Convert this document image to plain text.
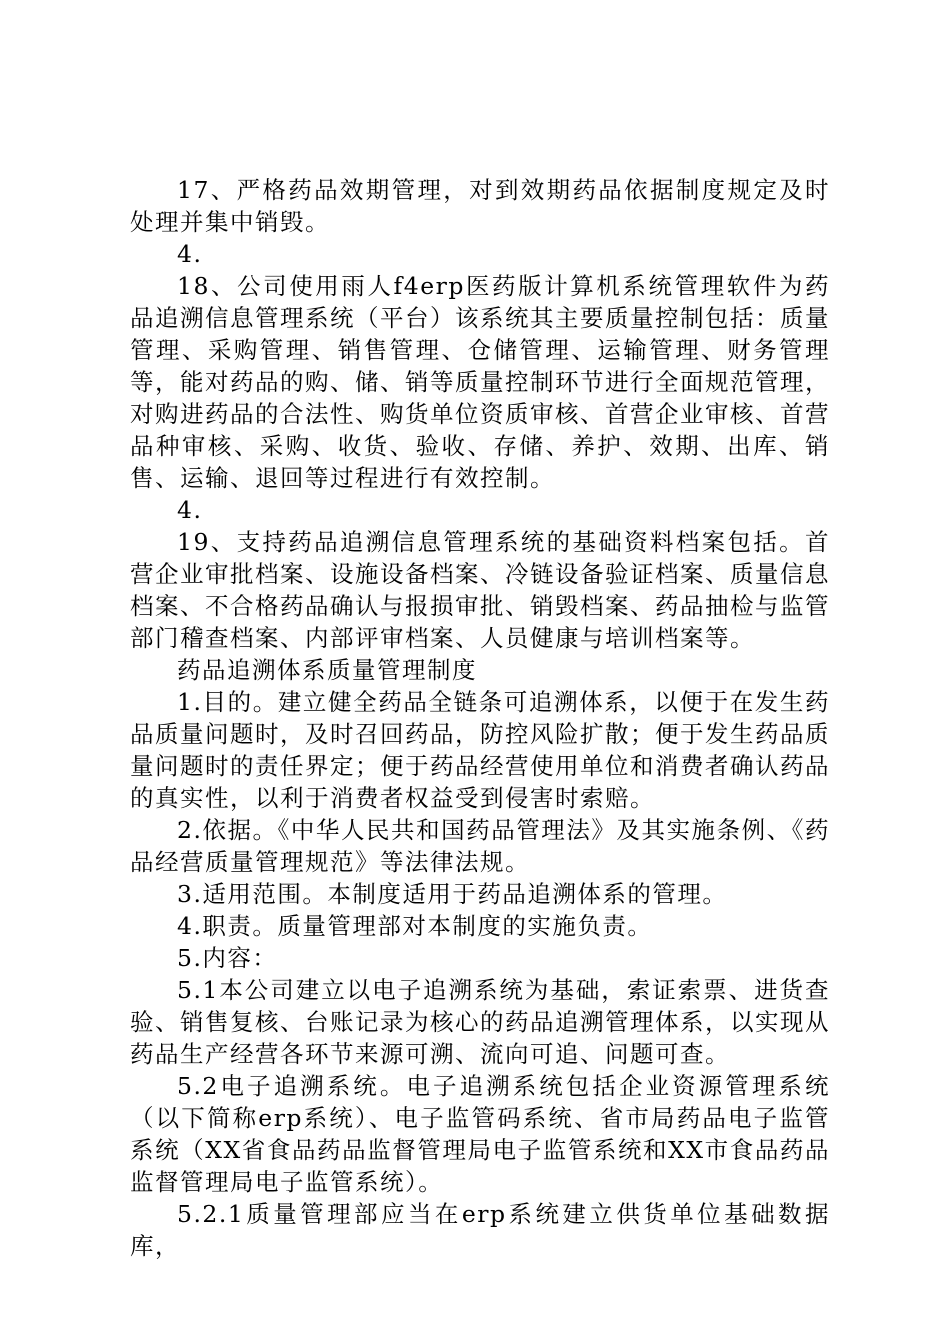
17、严格药品效期管理，对到效期药品依据制度规定及时处理并集中销毁。

4.

18、公司使用雨人f4erp医药版计算机系统管理软件为药品追溯信息管理系统（平台）该系统其主要质量控制包括：质量管理、采购管理、销售管理、仓储管理、运输管理、财务管理等，能对药品的购、储、销等质量控制环节进行全面规范管理，对购进药品的合法性、购货单位资质审核、首营企业审核、首营品种审核、采购、收货、验收、存储、养护、效期、出库、销售、运输、退回等过程进行有效控制。

4.

19、支持药品追溯信息管理系统的基础资料档案包括。首营企业审批档案、设施设备档案、冷链设备验证档案、质量信息档案、不合格药品确认与报损审批、销毁档案、药品抽检与监管部门稽查档案、内部评审档案、人员健康与培训档案等。

药品追溯体系质量管理制度

1.目的。建立健全药品全链条可追溯体系，以便于在发生药品质量问题时，及时召回药品，防控风险扩散；便于发生药品质量问题时的责任界定；便于药品经营使用单位和消费者确认药品的真实性，以利于消费者权益受到侵害时索赔。

2.依据。《中华人民共和国药品管理法》及其实施条例、《药品经营质量管理规范》等法律法规。

3.适用范围。本制度适用于药品追溯体系的管理。

4.职责。质量管理部对本制度的实施负责。

5.内容：

5.1本公司建立以电子追溯系统为基础，索证索票、进货查验、销售复核、台账记录为核心的药品追溯管理体系，以实现从药品生产经营各环节来源可溯、流向可追、问题可查。

5.2电子追溯系统。电子追溯系统包括企业资源管理系统（以下简称erp系统）、电子监管码系统、省市局药品电子监管系统（XX省食品药品监督管理局电子监管系统和XX市食品药品监督管理局电子监管系统）。

5.2.1质量管理部应当在erp系统建立供货单位基础数据库，
